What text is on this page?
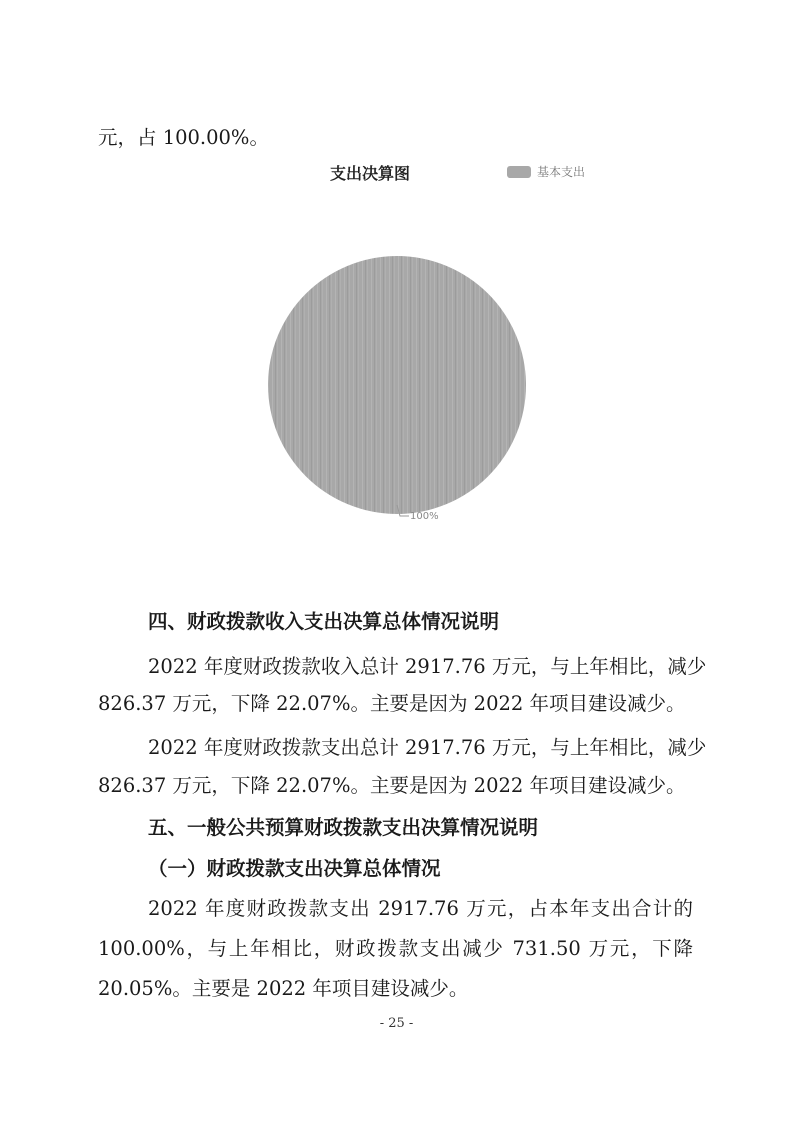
元，占 100.00%。
支出决算图	基本支出
100%
四、财政拨款收入支出决算总体情况说明
2022 年度财政拨款收入总计 2917.76 万元，与上年相比，减少
826.37 万元，下降 22.07%。主要是因为 2022 年项目建设减少。
2022 年度财政拨款支出总计 2917.76 万元，与上年相比，减少
826.37 万元，下降 22.07%。主要是因为 2022 年项目建设减少。
五、一般公共预算财政拨款支出决算情况说明
（一）财政拨款支出决算总体情况
2022 年度财政拨款支出 2917.76 万元，占本年支出合计的
100.00%，与上年相比，财政拨款支出减少 731.50 万元，下降
20.05%。主要是 2022 年项目建设减少。
- 25 -
